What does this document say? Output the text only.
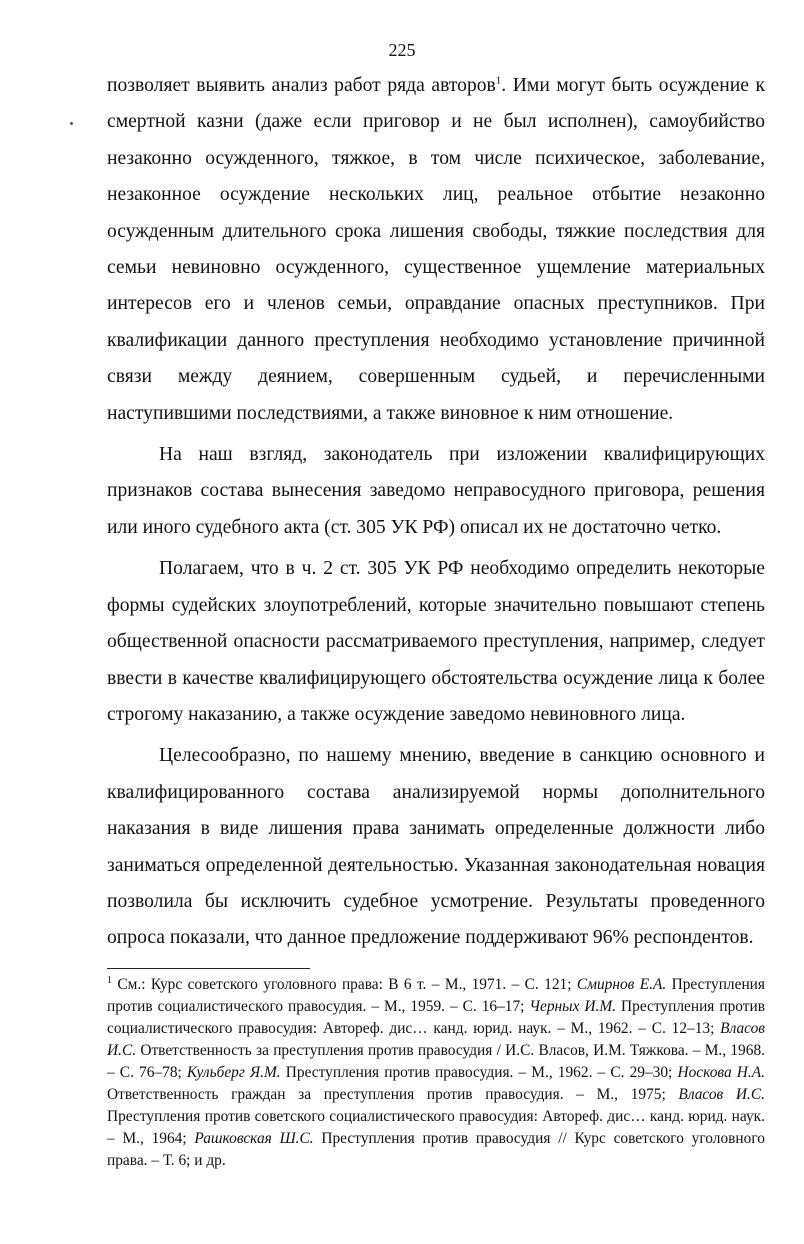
225

позволяет выявить анализ работ ряда авторов$^1$. Ими могут быть осуждение к смертной казни (даже если приговор и не был исполнен), самоубийство незаконно осужденного, тяжкое, в том числе психическое, заболевание, незаконное осуждение нескольких лиц, реальное отбытие незаконно осужденным длительного срока лишения свободы, тяжкие последствия для семьи невиновно осужденного, существенное ущемление материальных интересов его и членов семьи, оправдание опасных преступников. При квалификации данного преступления необходимо установление причинной связи между деянием, совершенным судьей, и перечисленными наступившими последствиями, а также виновное к ним отношение.

На наш взгляд, законодатель при изложении квалифицирующих признаков состава вынесения заведомо неправосудного приговора, решения или иного судебного акта (ст. 305 УК РФ) описал их не достаточно четко.

Полагаем, что в ч. 2 ст. 305 УК РФ необходимо определить некоторые формы судейских злоупотреблений, которые значительно повышают степень общественной опасности рассматриваемого преступления, например, следует ввести в качестве квалифицирующего обстоятельства осуждение лица к более строгому наказанию, а также осуждение заведомо невиновного лица.

Целесообразно, по нашему мнению, введение в санкцию основного и квалифицированного состава анализируемой нормы дополнительного наказания в виде лишения права занимать определенные должности либо заниматься определенной деятельностью. Указанная законодательная новация позволила бы исключить судебное усмотрение. Результаты проведенного опроса показали, что данное предложение поддерживают 96% респондентов.

$^1$ См.: Курс советского уголовного права: В 6 т. – М., 1971. – С. 121; Смирнов Е.А. Преступления против социалистического правосудия. – М., 1959. – С. 16–17; Черных И.М. Преступления против социалистического правосудия: Автореф. дис… канд. юрид. наук. – М., 1962. – С. 12–13; Власов И.С. Ответственность за преступления против правосудия / И.С. Власов, И.М. Тяжкова. – М., 1968. – С. 76–78; Кульберг Я.М. Преступления против правосудия. – М., 1962. – С. 29–30; Носкова Н.А. Ответственность граждан за преступления против правосудия. – М., 1975; Власов И.С. Преступления против советского социалистического правосудия: Автореф. дис… канд. юрид. наук. – М., 1964; Рашковская Ш.С. Преступления против правосудия // Курс советского уголовного права. – Т. 6; и др.
